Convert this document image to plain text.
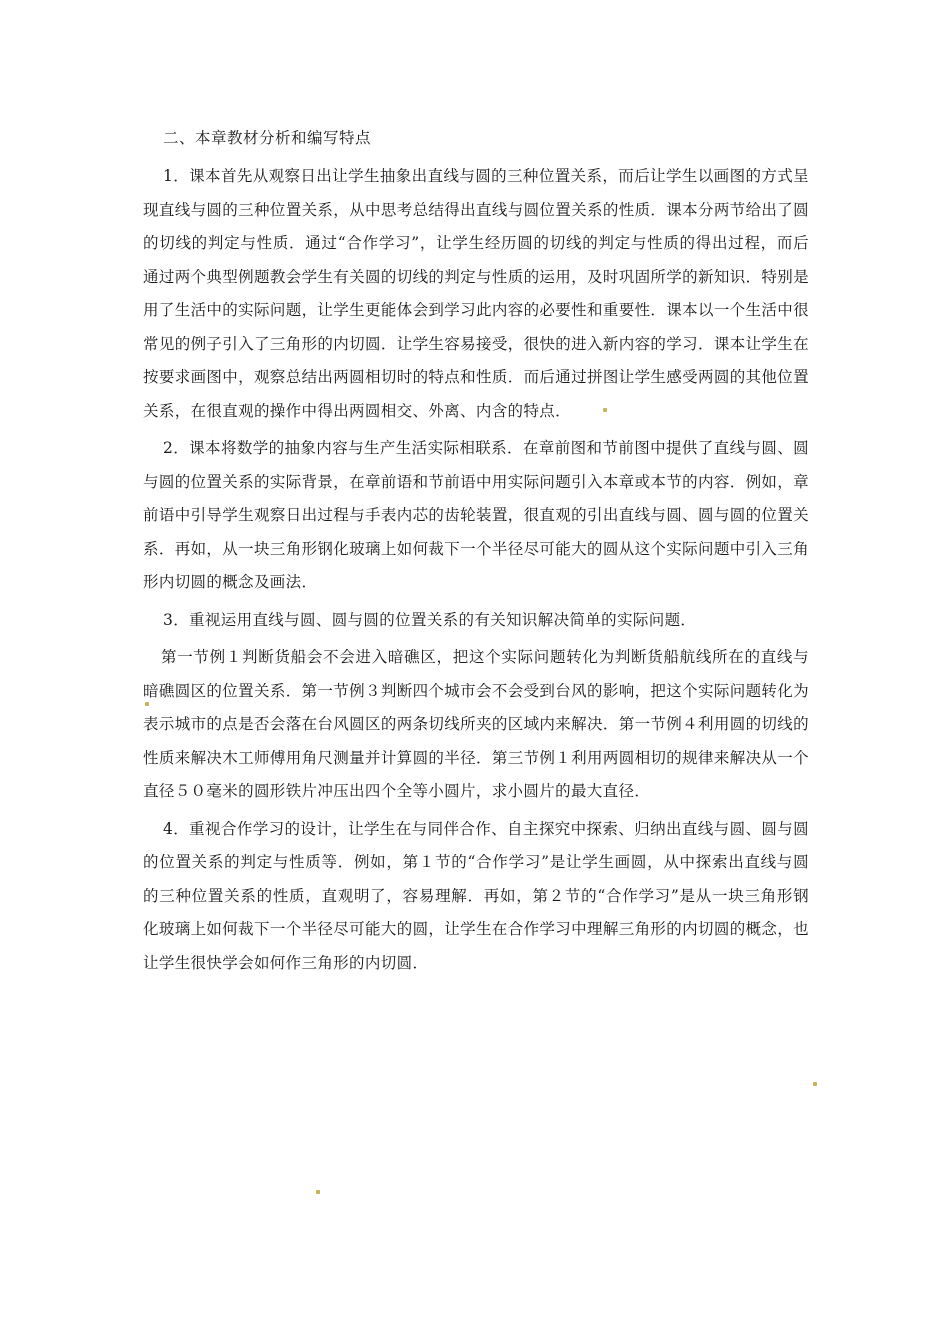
二、本章教材分析和编写特点

1．课本首先从观察日出让学生抽象出直线与圆的三种位置关系，而后让学生以画图的方式呈现直线与圆的三种位置关系，从中思考总结得出直线与圆位置关系的性质．课本分两节给出了圆的切线的判定与性质．通过“合作学习”，让学生经历圆的切线的判定与性质的得出过程，而后通过两个典型例题教会学生有关圆的切线的判定与性质的运用，及时巩固所学的新知识．特别是用了生活中的实际问题，让学生更能体会到学习此内容的必要性和重要性．课本以一个生活中很常见的例子引入了三角形的内切圆．让学生容易接受，很快的进入新内容的学习．课本让学生在按要求画图中，观察总结出两圆相切时的特点和性质．而后通过拼图让学生感受两圆的其他位置关系，在很直观的操作中得出两圆相交、外离、内含的特点．

2．课本将数学的抽象内容与生产生活实际相联系．在章前图和节前图中提供了直线与圆、圆与圆的位置关系的实际背景，在章前语和节前语中用实际问题引入本章或本节的内容．例如，章前语中引导学生观察日出过程与手表内芯的齿轮装置，很直观的引出直线与圆、圆与圆的位置关系．再如，从一块三角形钢化玻璃上如何裁下一个半径尽可能大的圆从这个实际问题中引入三角形内切圆的概念及画法．

3．重视运用直线与圆、圆与圆的位置关系的有关知识解决简单的实际问题．

第一节例１判断货船会不会进入暗礁区，把这个实际问题转化为判断货船航线所在的直线与暗礁圆区的位置关系．第一节例３判断四个城市会不会受到台风的影响，把这个实际问题转化为表示城市的点是否会落在台风圆区的两条切线所夹的区域内来解决．第一节例４利用圆的切线的性质来解决木工师傅用角尺测量并计算圆的半径．第三节例１利用两圆相切的规律来解决从一个直径５０毫米的圆形铁片冲压出四个全等小圆片，求小圆片的最大直径．

4．重视合作学习的设计，让学生在与同伴合作、自主探究中探索、归纳出直线与圆、圆与圆的位置关系的判定与性质等．例如，第１节的“合作学习”是让学生画圆，从中探索出直线与圆的三种位置关系的性质，直观明了，容易理解．再如，第２节的“合作学习”是从一块三角形钢化玻璃上如何裁下一个半径尽可能大的圆，让学生在合作学习中理解三角形的内切圆的概念，也让学生很快学会如何作三角形的内切圆．
